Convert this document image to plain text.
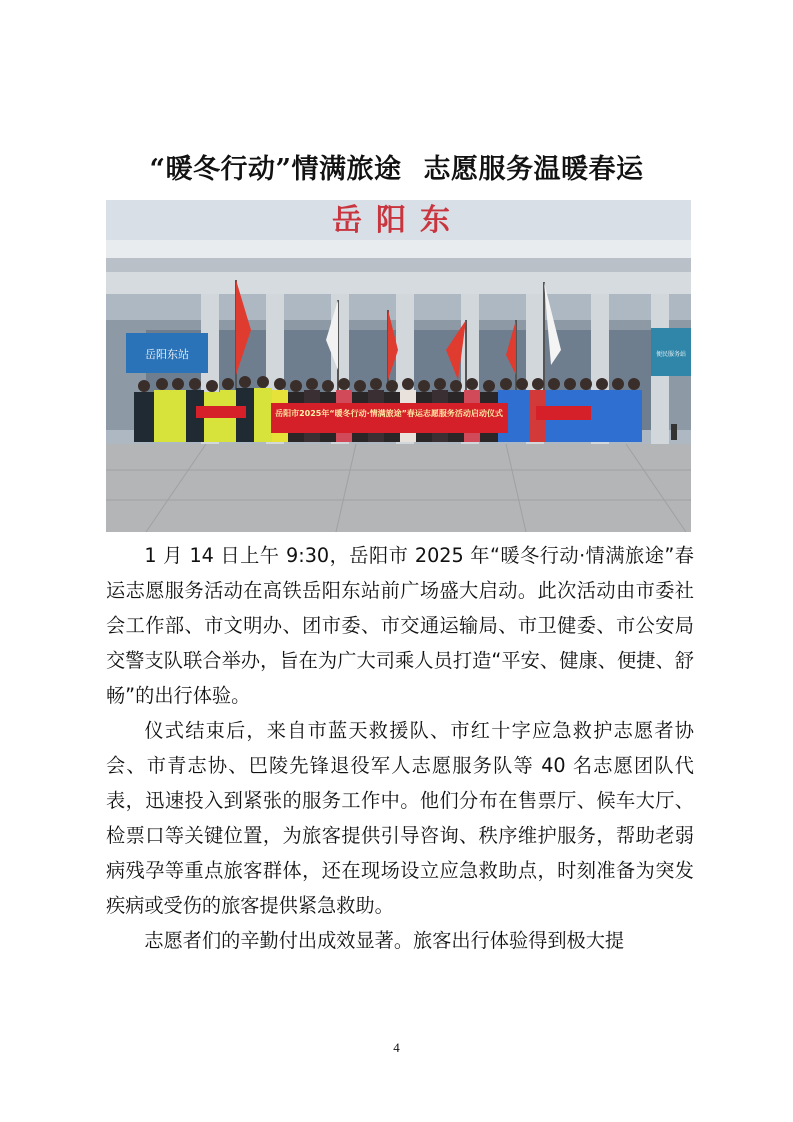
“暖冬行动”情满旅途 志愿服务温暖春运
岳阳东
岳阳东站	便民服务站
岳阳市2025年“暖冬行动·情满旅途”春运志愿服务活动启动仪式

1 月 14 日上午 9:30，岳阳市 2025 年“暖冬行动·情满旅途”春运志愿服务活动在高铁岳阳东站前广场盛大启动。此次活动由市委社会工作部、市文明办、团市委、市交通运输局、市卫健委、市公安局交警支队联合举办，旨在为广大司乘人员打造“平安、健康、便捷、舒畅”的出行体验。

仪式结束后，来自市蓝天救援队、市红十字应急救护志愿者协会、市青志协、巴陵先锋退役军人志愿服务队等 40 名志愿团队代表，迅速投入到紧张的服务工作中。他们分布在售票厅、候车大厅、检票口等关键位置，为旅客提供引导咨询、秩序维护服务，帮助老弱病残孕等重点旅客群体，还在现场设立应急救助点，时刻准备为突发疾病或受伤的旅客提供紧急救助。

志愿者们的辛勤付出成效显著。旅客出行体验得到极大提

4
